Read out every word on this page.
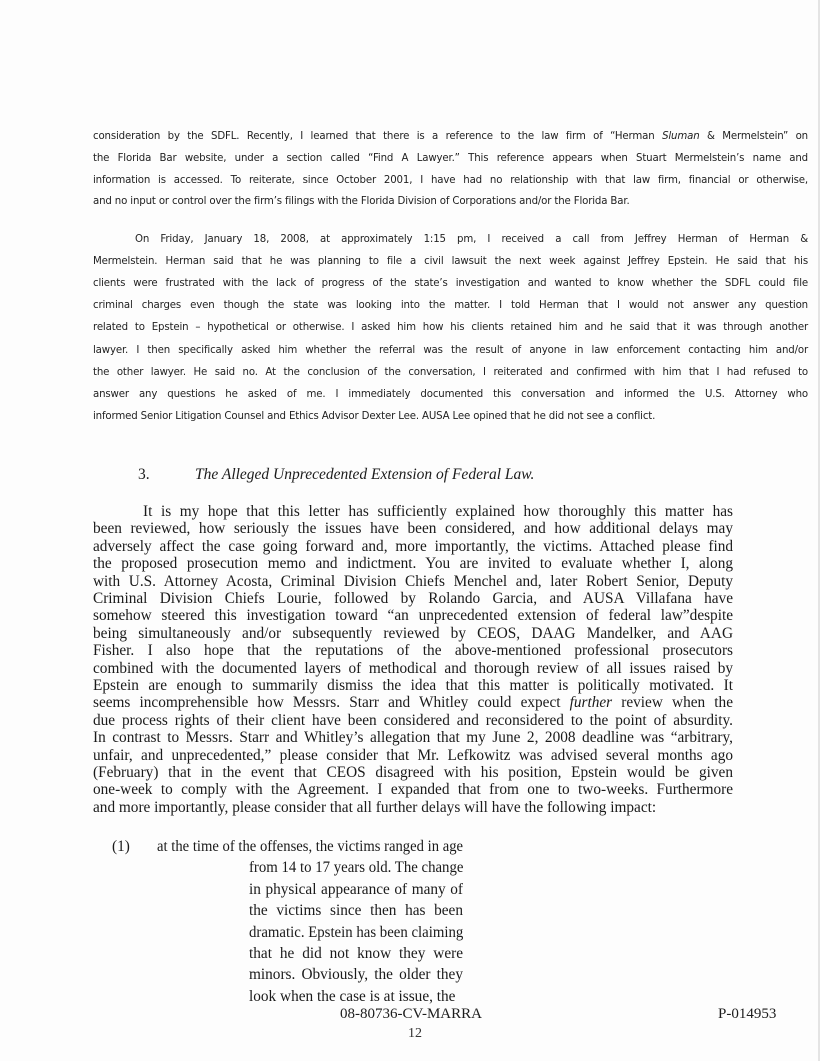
consideration by the SDFL. Recently, I learned that there is a reference to the law firm of “Herman Sluman & Mermelstein” on
the Florida Bar website, under a section called “Find A Lawyer.” This reference appears when Stuart Mermelstein’s name and
information is accessed. To reiterate, since October 2001, I have had no relationship with that law firm, financial or otherwise,
and no input or control over the firm’s filings with the Florida Division of Corporations and/or the Florida Bar.
On Friday, January 18, 2008, at approximately 1:15 pm, I received a call from Jeffrey Herman of Herman &
Mermelstein. Herman said that he was planning to file a civil lawsuit the next week against Jeffrey Epstein. He said that his
clients were frustrated with the lack of progress of the state’s investigation and wanted to know whether the SDFL could file
criminal charges even though the state was looking into the matter. I told Herman that I would not answer any question
related to Epstein – hypothetical or otherwise. I asked him how his clients retained him and he said that it was through another
lawyer. I then specifically asked him whether the referral was the result of anyone in law enforcement contacting him and/or
the other lawyer. He said no. At the conclusion of the conversation, I reiterated and confirmed with him that I had refused to
answer any questions he asked of me. I immediately documented this conversation and informed the U.S. Attorney who
informed Senior Litigation Counsel and Ethics Advisor Dexter Lee. AUSA Lee opined that he did not see a conflict.
3.	The Alleged Unprecedented Extension of Federal Law.
It is my hope that this letter has sufficiently explained how thoroughly this matter has
been reviewed, how seriously the issues have been considered, and how additional delays may
adversely affect the case going forward and, more importantly, the victims. Attached please find
the proposed prosecution memo and indictment. You are invited to evaluate whether I, along
with U.S. Attorney Acosta, Criminal Division Chiefs Menchel and, later Robert Senior, Deputy
Criminal Division Chiefs Lourie, followed by Rolando Garcia, and AUSA Villafana have
somehow steered this investigation toward “an unprecedented extension of federal law”despite
being simultaneously and/or subsequently reviewed by CEOS, DAAG Mandelker, and AAG
Fisher. I also hope that the reputations of the above-mentioned professional prosecutors
combined with the documented layers of methodical and thorough review of all issues raised by
Epstein are enough to summarily dismiss the idea that this matter is politically motivated. It
seems incomprehensible how Messrs. Starr and Whitley could expect further review when the
due process rights of their client have been considered and reconsidered to the point of absurdity.
In contrast to Messrs. Starr and Whitley’s allegation that my June 2, 2008 deadline was “arbitrary,
unfair, and unprecedented,” please consider that Mr. Lefkowitz was advised several months ago
(February) that in the event that CEOS disagreed with his position, Epstein would be given
one-week to comply with the Agreement. I expanded that from one to two-weeks. Furthermore
and more importantly, please consider that all further delays will have the following impact:
(1) at the time of the offenses, the victims ranged in age
from 14 to 17 years old. The change
in physical appearance of many of
the victims since then has been
dramatic. Epstein has been claiming
that he did not know they were
minors. Obviously, the older they
look when the case is at issue, the
08-80736-CV-MARRA
12
P-014953
